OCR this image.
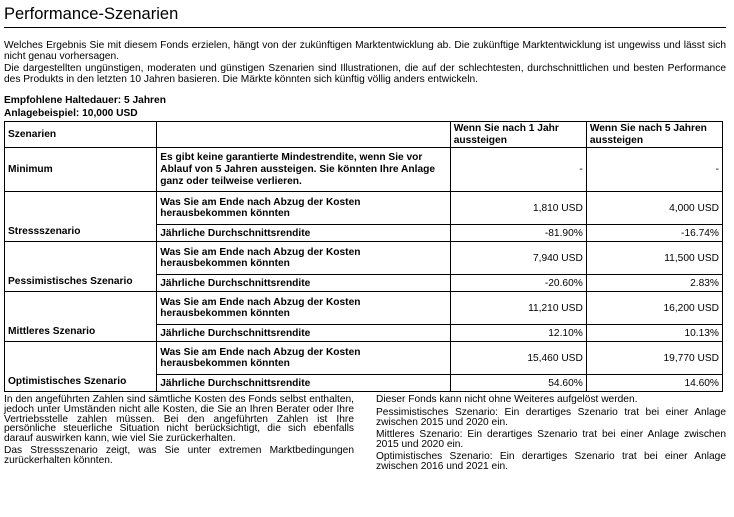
Performance-Szenarien

Welches Ergebnis Sie mit diesem Fonds erzielen, hängt von der zukünftigen Marktentwicklung ab. Die zukünftige Marktentwicklung ist ungewiss und lässt sich nicht genau vorhersagen.

Die dargestellten ungünstigen, moderaten und günstigen Szenarien sind Illustrationen, die auf der schlechtesten, durchschnittlichen und besten Performance des Produkts in den letzten 10 Jahren basieren. Die Märkte könnten sich künftig völlig anders entwickeln.

Empfohlene Haltedauer: 5 Jahren
Anlagebeispiel: 10,000 USD
Szenarien		Wenn Sie nach 1 Jahr aussteigen	Wenn Sie nach 5 Jahren aussteigen
Minimum	Es gibt keine garantierte Mindestrendite, wenn Sie vor Ablauf von 5 Jahren aussteigen. Sie könnten Ihre Anlage ganz oder teilweise verlieren.	-	-
Stressszenario	Was Sie am Ende nach Abzug der Kosten herausbekommen könnten	1,810 USD	4,000 USD
	Jährliche Durchschnittsrendite	-81.90%	-16.74%
Pessimistisches Szenario	Was Sie am Ende nach Abzug der Kosten herausbekommen könnten	7,940 USD	11,500 USD
	Jährliche Durchschnittsrendite	-20.60%	2.83%
Mittleres Szenario	Was Sie am Ende nach Abzug der Kosten herausbekommen könnten	11,210 USD	16,200 USD
	Jährliche Durchschnittsrendite	12.10%	10.13%
Optimistisches Szenario	Was Sie am Ende nach Abzug der Kosten herausbekommen könnten	15,460 USD	19,770 USD
	Jährliche Durchschnittsrendite	54.60%	14.60%

In den angeführten Zahlen sind sämtliche Kosten des Fonds selbst enthalten, jedoch unter Umständen nicht alle Kosten, die Sie an Ihren Berater oder Ihre Vertriebsstelle zahlen müssen. Bei den angeführten Zahlen ist Ihre persönliche steuerliche Situation nicht berücksichtigt, die sich ebenfalls darauf auswirken kann, wie viel Sie zurückerhalten.

Das Stressszenario zeigt, was Sie unter extremen Marktbedingungen zurückerhalten könnten.

Dieser Fonds kann nicht ohne Weiteres aufgelöst werden.

Pessimistisches Szenario: Ein derartiges Szenario trat bei einer Anlage zwischen 2015 und 2020 ein.

Mittleres Szenario: Ein derartiges Szenario trat bei einer Anlage zwischen 2015 und 2020 ein.

Optimistisches Szenario: Ein derartiges Szenario trat bei einer Anlage zwischen 2016 und 2021 ein.
